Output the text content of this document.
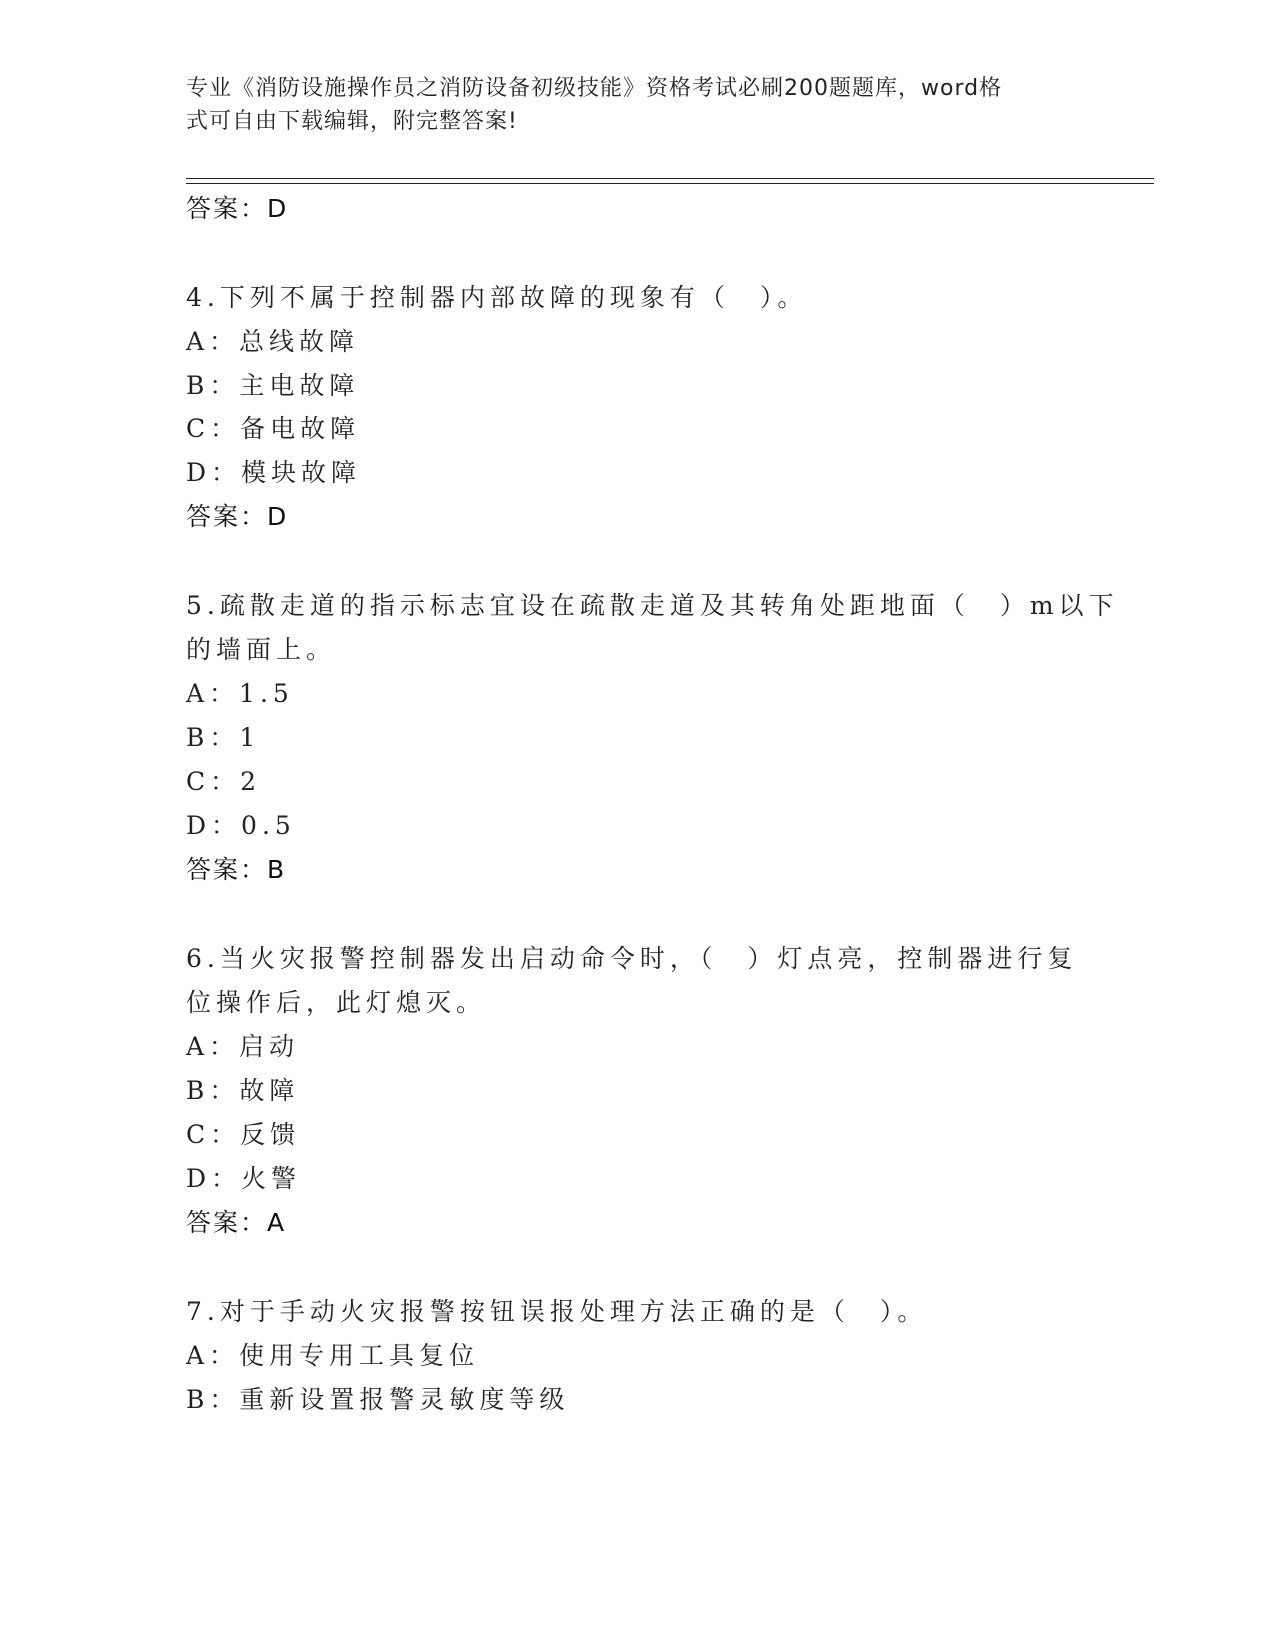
专业《消防设施操作员之消防设备初级技能》资格考试必刷200题题库，word格
式可自由下载编辑，附完整答案!
答案：D
4.下列不属于控制器内部故障的现象有（　）。
A：总线故障
B：主电故障
C：备电故障
D：模块故障
答案：D
5.疏散走道的指示标志宜设在疏散走道及其转角处距地面（　）m以下
的墙面上。
A：1.5
B：1
C：2
D：0.5
答案：B
6.当火灾报警控制器发出启动命令时，（　）灯点亮，控制器进行复
位操作后，此灯熄灭。
A：启动
B：故障
C：反馈
D：火警
答案：A
7.对于手动火灾报警按钮误报处理方法正确的是（　）。
A：使用专用工具复位
B：重新设置报警灵敏度等级
